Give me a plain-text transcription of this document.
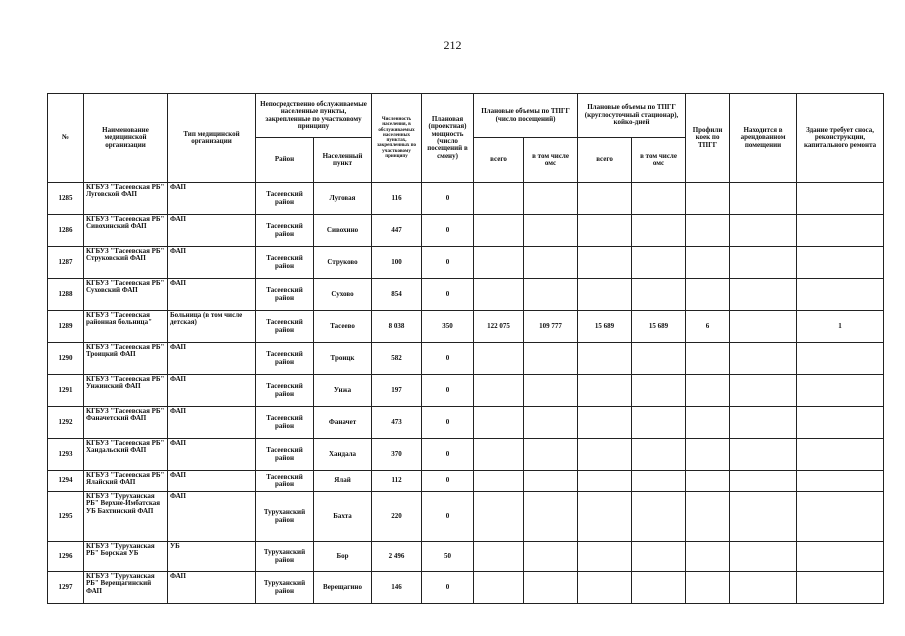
212
№	Наименование медицинской организации	Тип медицинской организации	Непосредственно обслуживаемые населенные пункты, закрепленные по участковому принципу		Численность населения, в обслуживаемых населенных пунктах, закрепленных по участковому принципу	Плановая (проектная) мощность (число посещений в смену)	Плановые объемы по ТПГГ (число посещений)		Плановые объемы по ТПГГ (круглосуточный стационар), койко-дней		Профили коек по ТПГГ	Находится в арендованном помещении	Здание требует сноса, реконструкции, капитального ремонта
			Район	Населенный пункт			всего	в том числе омс	всего	в том числе омс			
1285	КГБУЗ "Тасеевская РБ" Луговской ФАП	ФАП	Тасеевский район	Луговая	116	0							
1286	КГБУЗ "Тасеевская РБ" Сивохинский ФАП	ФАП	Тасеевский район	Сивохино	447	0							
1287	КГБУЗ "Тасеевская РБ" Струковский ФАП	ФАП	Тасеевский район	Струково	100	0							
1288	КГБУЗ "Тасеевская РБ" Суховский ФАП	ФАП	Тасеевский район	Сухово	854	0							
1289	КГБУЗ "Тасеевская районная больница"	Больница (в том числе детская)	Тасеевский район	Тасеево	8 038	350	122 075	109 777	15 689	15 689	6		1
1290	КГБУЗ "Тасеевская РБ" Троицкий ФАП	ФАП	Тасеевский район	Троицк	582	0							
1291	КГБУЗ "Тасеевская РБ" Унжинский ФАП	ФАП	Тасеевский район	Унжа	197	0							
1292	КГБУЗ "Тасеевская РБ" Фаначетский ФАП	ФАП	Тасеевский район	Фаначет	473	0							
1293	КГБУЗ "Тасеевская РБ" Хандальский ФАП	ФАП	Тасеевский район	Хандала	370	0							
1294	КГБУЗ "Тасеевская РБ" Ялайский ФАП	ФАП	Тасеевский район	Ялай	112	0							
1295	КГБУЗ "Туруханская РБ" Верхне-Имбатская УБ Бахтинский ФАП	ФАП	Туруханский район	Бахта	220	0							
1296	КГБУЗ "Туруханская РБ" Борская УБ	УБ	Туруханский район	Бор	2 496	50							
1297	КГБУЗ "Туруханская РБ" Верещагинский ФАП	ФАП	Туруханский район	Верещагино	146	0							
